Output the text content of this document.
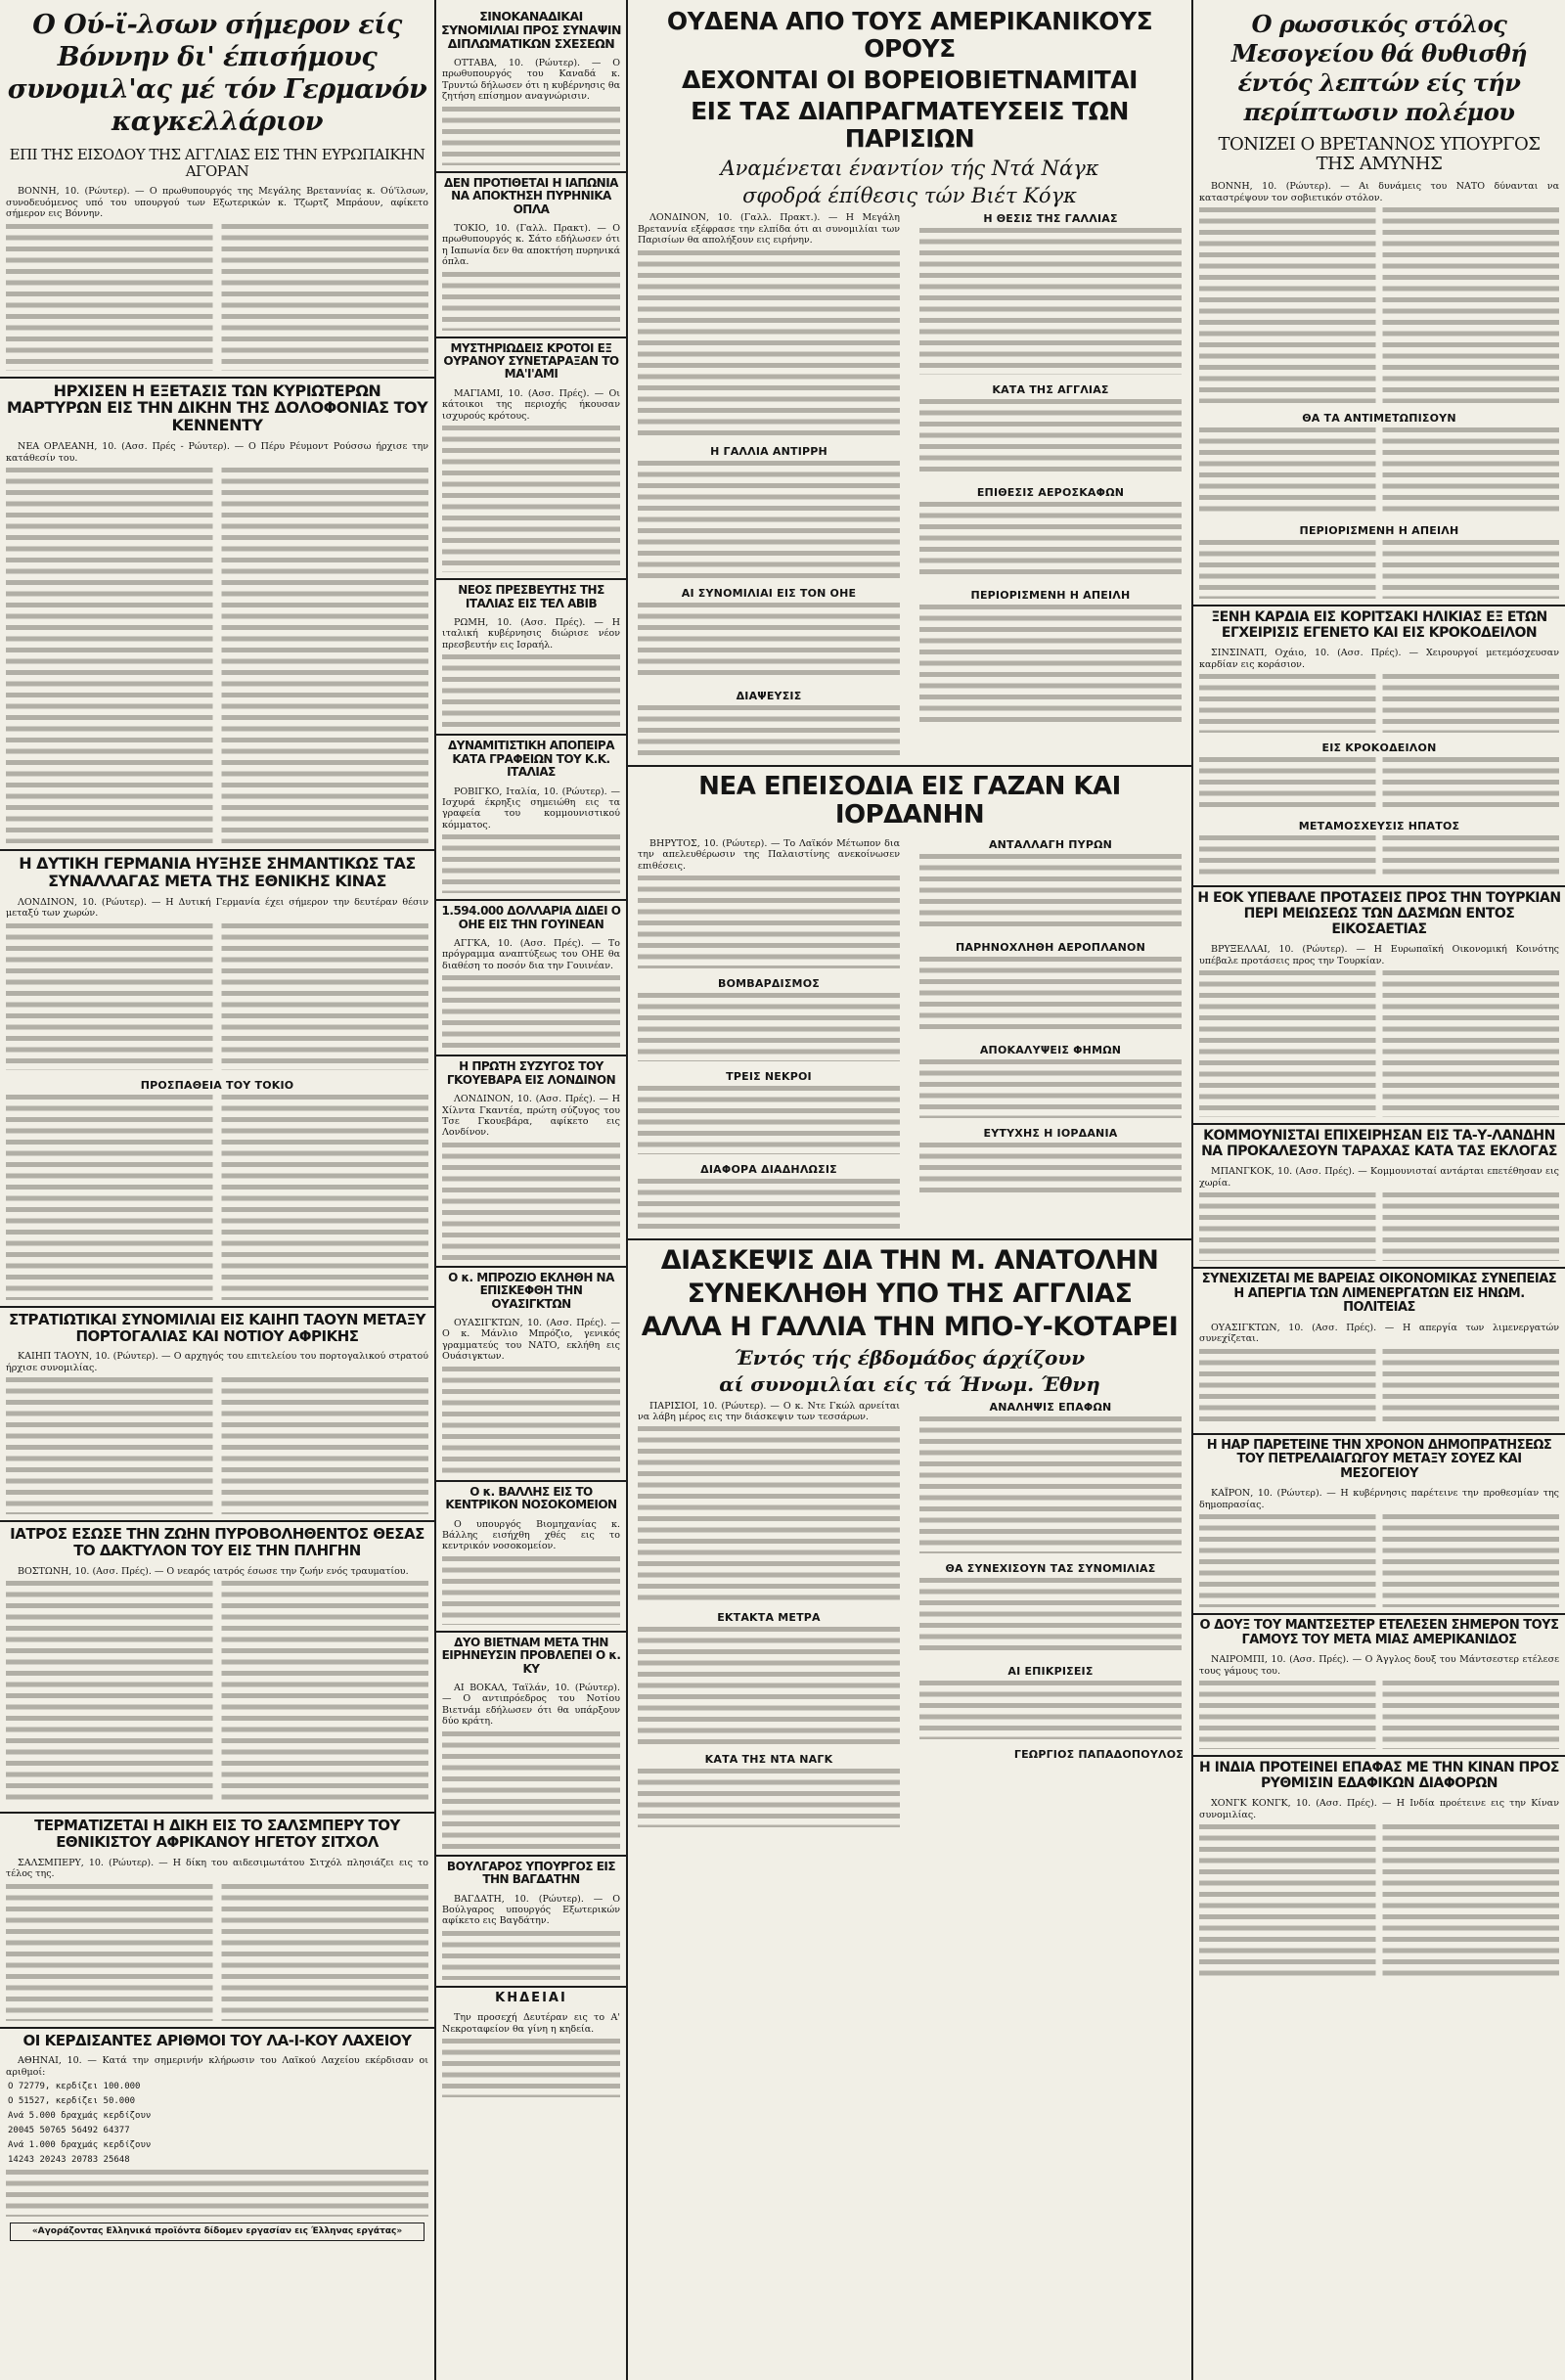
Ο Ού-ϊ-λσων σήμερον είς Βόννην δι' έπισήμους συνομιλ'ας μέ τόν Γερμανόν καγκελλάριον
ΕΠΙ ΤΗΣ ΕΙΣΟΔΟΥ ΤΗΣ ΑΓΓΛΙΑΣ ΕΙΣ ΤΗΝ ΕΥΡΩΠΑΙΚΗΝ ΑΓΟΡΑΝ
ΒΟΝΝΗ, 10. (Ρώυτερ). — Ο πρωθυπουργός της Μεγάλης Βρεταννίας κ. Ού'ϊλσων, συνοδευόμενος υπό του υπουργού των Εξωτερικών κ. Τζωρτζ Μπράουν, αφίκετο σήμερον εις Βόννην.
ΗΡΧΙΣΕΝ Η ΕΞΕΤΑΣΙΣ ΤΩΝ ΚΥΡΙΩΤΕΡΩΝ ΜΑΡΤΥΡΩΝ ΕΙΣ ΤΗΝ ΔΙΚΗΝ ΤΗΣ ΔΟΛΟΦΟΝΙΑΣ ΤΟΥ ΚΕΝΝΕΝΤΥ
ΝΕΑ ΟΡΛΕΑΝΗ, 10. (Ασσ. Πρές - Ρώυτερ). — Ο Πέρυ Ρέυμοντ Ρούσσω ήρχισε την κατάθεσίν του.
Η ΔΥΤΙΚΗ ΓΕΡΜΑΝΙΑ ΗΥΞΗΣΕ ΣΗΜΑΝΤΙΚΩΣ ΤΑΣ ΣΥΝΑΛΛΑΓΑΣ ΜΕΤΑ ΤΗΣ ΕΘΝΙΚΗΣ ΚΙΝΑΣ
ΛΟΝΔΙΝΟΝ, 10. (Ρώυτερ). — Η Δυτική Γερμανία έχει σήμερον την δευτέραν θέσιν μεταξύ των χωρών.
ΠΡΟΣΠΑΘΕΙΑ ΤΟΥ ΤΟΚΙΟ
ΣΤΡΑΤΙΩΤΙΚΑΙ ΣΥΝΟΜΙΛΙΑΙ ΕΙΣ ΚΑΙΗΠ ΤΑΟΥΝ ΜΕΤΑΞΥ ΠΟΡΤΟΓΑΛΙΑΣ ΚΑΙ ΝΟΤΙΟΥ ΑΦΡΙΚΗΣ
ΚΑΙΗΠ ΤΑΟΥΝ, 10. (Ρώυτερ). — Ο αρχηγός του επιτελείου του πορτογαλικού στρατού ήρχισε συνομιλίας.
ΙΑΤΡΟΣ ΕΣΩΣΕ ΤΗΝ ΖΩΗΝ ΠΥΡΟΒΟΛΗΘΕΝΤΟΣ ΘΕΣΑΣ ΤΟ ΔΑΚΤΥΛΟΝ ΤΟΥ ΕΙΣ ΤΗΝ ΠΛΗΓΗΝ
ΒΟΣΤΩΝΗ, 10. (Ασσ. Πρές). — Ο νεαρός ιατρός έσωσε την ζωήν ενός τραυματίου.
ΤΕΡΜΑΤΙΖΕΤΑΙ Η ΔΙΚΗ ΕΙΣ ΤΟ ΣΑΛΣΜΠΕΡΥ ΤΟΥ ΕΘΝΙΚΙΣΤΟΥ ΑΦΡΙΚΑΝΟΥ ΗΓΕΤΟΥ ΣΙΤΧΟΛ
ΣΑΛΣΜΠΕΡΥ, 10. (Ρώυτερ). — Η δίκη του αιδεσιμωτάτου Σιτχόλ πλησιάζει εις το τέλος της.
ΟΙ ΚΕΡΔΙΣΑΝΤΕΣ ΑΡΙΘΜΟΙ ΤΟΥ ΛΑ-Ι-ΚΟΥ ΛΑΧΕΙΟΥ
ΑΘΗΝΑΙ, 10. — Κατά την σημερινήν κλήρωσιν του Λαϊκού Λαχείου εκέρδισαν οι αριθμοί:
Ο 72779, κερδίζει 100.000
Ο 51527, κερδίζει 50.000
Ανά 5.000 δραχμάς κερδίζουν
20045 50765 56492 64377
Ανά 1.000 δραχμάς κερδίζουν
14243 20243 20783 25648
«Αγοράζοντας Ελληνικά προϊόντα δίδομεν εργασίαν εις Έλληνας εργάτας»
ΣΙΝΟΚΑΝΑΔΙΚΑΙ ΣΥΝΟΜΙΛΙΑΙ ΠΡΟΣ ΣΥΝΑΨΙΝ ΔΙΠΛΩΜΑΤΙΚΩΝ ΣΧΕΣΕΩΝ
ΟΤΤΑΒΑ, 10. (Ρώυτερ). — Ο πρωθυπουργός του Καναδά κ. Τρυντώ δήλωσεν ότι η κυβέρνησις θα ζητήση επίσημον αναγνώρισιν.
ΔΕΝ ΠΡΟΤΙΘΕΤΑΙ Η ΙΑΠΩΝΙΑ ΝΑ ΑΠΟΚΤΗΣΗ ΠΥΡΗΝΙΚΑ ΟΠΛΑ
ΤΟΚΙΟ, 10. (Γαλλ. Πρακτ). — Ο πρωθυπουργός κ. Σάτο εδήλωσεν ότι η Ιαπωνία δεν θα αποκτήση πυρηνικά όπλα.
ΜΥΣΤΗΡΙΩΔΕΙΣ ΚΡΟΤΟΙ ΕΞ ΟΥΡΑΝΟΥ ΣΥΝΕΤΑΡΑΞΑΝ ΤΟ ΜΑ'Ι'ΑΜΙ
ΜΑΓΙΑΜΙ, 10. (Ασσ. Πρές). — Οι κάτοικοι της περιοχής ήκουσαν ισχυρούς κρότους.
ΝΕΟΣ ΠΡΕΣΒΕΥΤΗΣ ΤΗΣ ΙΤΑΛΙΑΣ ΕΙΣ ΤΕΛ ΑΒΙΒ
ΡΩΜΗ, 10. (Ασσ. Πρές). — Η ιταλική κυβέρνησις διώρισε νέον πρεσβευτήν εις Ισραήλ.
ΔΥΝΑΜΙΤΙΣΤΙΚΗ ΑΠΟΠΕΙΡΑ ΚΑΤΑ ΓΡΑΦΕΙΩΝ ΤΟΥ Κ.Κ. ΙΤΑΛΙΑΣ
ΡΟΒΙΓΚΟ, Ιταλία, 10. (Ρώυτερ). — Ισχυρά έκρηξις σημειώθη εις τα γραφεία του κομμουνιστικού κόμματος.
1.594.000 ΔΟΛΛΑΡΙΑ ΔΙΔΕΙ Ο ΟΗΕ ΕΙΣ ΤΗΝ ΓΟΥΙΝΕΑΝ
ΑΓΓΚΑ, 10. (Ασσ. Πρές). — Το πρόγραμμα αναπτύξεως του ΟΗΕ θα διαθέση το ποσόν δια την Γουινέαν.
Η ΠΡΩΤΗ ΣΥΖΥΓΟΣ ΤΟΥ ΓΚΟΥΕΒΑΡΑ ΕΙΣ ΛΟΝΔΙΝΟΝ
ΛΟΝΔΙΝΟΝ, 10. (Ασσ. Πρές). — Η Χίλντα Γκαντέα, πρώτη σύζυγος του Τσε Γκουεβάρα, αφίκετο εις Λονδίνον.
Ο κ. ΜΠΡΟΖΙΟ ΕΚΛΗΘΗ ΝΑ ΕΠΙΣΚΕΦΘΗ ΤΗΝ ΟΥΑΣΙΓΚΤΩΝ
ΟΥΑΣΙΓΚΤΩΝ, 10. (Ασσ. Πρές). — Ο κ. Μάνλιο Μπρόζιο, γενικός γραμματεύς του ΝΑΤΟ, εκλήθη εις Ουάσιγκτων.
Ο κ. ΒΑΛΛΗΣ ΕΙΣ ΤΟ ΚΕΝΤΡΙΚΟΝ ΝΟΣΟΚΟΜΕΙΟΝ
Ο υπουργός Βιομηχανίας κ. Βάλλης εισήχθη χθές εις το κεντρικόν νοσοκομείον.
ΔΥΟ ΒΙΕΤΝΑΜ ΜΕΤΑ ΤΗΝ ΕΙΡΗΝΕΥΣΙΝ ΠΡΟΒΛΕΠΕΙ Ο κ. ΚΥ
ΑΙ ΒΟΚΑΛ, Ταϊλάν, 10. (Ρώυτερ). — Ο αντιπρόεδρος του Νοτίου Βιετνάμ εδήλωσεν ότι θα υπάρξουν δύο κράτη.
ΒΟΥΛΓΑΡΟΣ ΥΠΟΥΡΓΟΣ ΕΙΣ ΤΗΝ ΒΑΓΔΑΤΗΝ
ΒΑΓΔΑΤΗ, 10. (Ρώυτερ). — Ο Βούλγαρος υπουργός Εξωτερικών αφίκετο εις Βαγδάτην.
ΚΗΔΕΙΑΙ
Την προσεχή Δευτέραν εις το Α' Νεκροταφείον θα γίνη η κηδεία.
ΟΥΔΕΝΑ ΑΠΟ ΤΟΥΣ ΑΜΕΡΙΚΑΝΙΚΟΥΣ ΟΡΟΥΣ
ΔΕΧΟΝΤΑΙ ΟΙ ΒΟΡΕΙΟΒΙΕΤΝΑΜΙΤΑΙ
ΕΙΣ ΤΑΣ ΔΙΑΠΡΑΓΜΑΤΕΥΣΕΙΣ ΤΩΝ ΠΑΡΙΣΙΩΝ
Αναμένεται έναντίον τής Ντά Νάγκ
σφοδρά έπίθεσις τών Βιέτ Κόγκ
ΛΟΝΔΙΝΟΝ, 10. (Γαλλ. Πρακτ.). — Η Μεγάλη Βρεταννία εξέφρασε την ελπίδα ότι αι συνομιλίαι των Παρισίων θα απολήξουν εις ειρήνην.
Η ΓΑΛΛΙΑ ΑΝΤΙΡΡΗ
ΑΙ ΣΥΝΟΜΙΛΙΑΙ ΕΙΣ ΤΟΝ ΟΗΕ
ΔΙΑΨΕΥΣΙΣ
Η ΘΕΣΙΣ ΤΗΣ ΓΑΛΛΙΑΣ
ΚΑΤΑ ΤΗΣ ΑΓΓΛΙΑΣ
ΕΠΙΘΕΣΙΣ ΑΕΡΟΣΚΑΦΩΝ
ΠΕΡΙΟΡΙΣΜΕΝΗ Η ΑΠΕΙΛΗ
ΝΕΑ ΕΠΕΙΣΟΔΙΑ ΕΙΣ ΓΑΖΑΝ ΚΑΙ ΙΟΡΔΑΝΗΝ
ΒΗΡΥΤΟΣ, 10. (Ρώυτερ). — Το Λαϊκόν Μέτωπον δια την απελευθέρωσιν της Παλαιστίνης ανεκοίνωσεν επιθέσεις.
ΒΟΜΒΑΡΔΙΣΜΟΣ
ΤΡΕΙΣ ΝΕΚΡΟΙ
ΔΙΑΦΟΡΑ ΔΙΑΔΗΛΩΣΙΣ
ΑΝΤΑΛΛΑΓΗ ΠΥΡΩΝ
ΠΑΡΗΝΟΧΛΗΘΗ ΑΕΡΟΠΛΑΝΟΝ
ΑΠΟΚΑΛΥΨΕΙΣ ΦΗΜΩΝ
ΕΥΤΥΧΗΣ Η ΙΟΡΔΑΝΙΑ
ΔΙΑΣΚΕΨΙΣ ΔΙΑ ΤΗΝ Μ. ΑΝΑΤΟΛΗΝ
ΣΥΝΕΚΛΗΘΗ ΥΠΟ ΤΗΣ ΑΓΓΛΙΑΣ
ΑΛΛΑ Η ΓΑΛΛΙΑ ΤΗΝ ΜΠΟ-Υ-ΚΟΤΑΡΕΙ
Έντός τής έβδομάδος άρχίζουν
αί συνομιλίαι είς τά Ήνωμ. Έθνη
ΠΑΡΙΣΙΟΙ, 10. (Ρώυτερ). — Ο κ. Ντε Γκώλ αρνείται να λάβη μέρος εις την διάσκεψιν των τεσσάρων.
ΕΚΤΑΚΤΑ ΜΕΤΡΑ
ΚΑΤΑ ΤΗΣ ΝΤΑ ΝΑΓΚ
ΑΝΑΛΗΨΙΣ ΕΠΑΦΩΝ
ΘΑ ΣΥΝΕΧΙΣΟΥΝ ΤΑΣ ΣΥΝΟΜΙΛΙΑΣ
ΑΙ ΕΠΙΚΡΙΣΕΙΣ
ΓΕΩΡΓΙΟΣ ΠΑΠΑΔΟΠΟΥΛΟΣ
Ο ρωσσικός στόλος Μεσογείου θά θυθισθή έντός λεπτών είς τήν περίπτωσιν πολέμου
ΤΟΝΙΖΕΙ Ο ΒΡΕΤΑΝΝΟΣ ΥΠΟΥΡΓΟΣ ΤΗΣ ΑΜΥΝΗΣ
ΒΟΝΝΗ, 10. (Ρώυτερ). — Αι δυνάμεις του ΝΑΤΟ δύνανται να καταστρέψουν τον σοβιετικόν στόλον.
ΘΑ ΤΑ ΑΝΤΙΜΕΤΩΠΙΣΟΥΝ
ΠΕΡΙΟΡΙΣΜΕΝΗ Η ΑΠΕΙΛΗ
ΞΕΝΗ ΚΑΡΔΙΑ ΕΙΣ ΚΟΡΙΤΣΑΚΙ ΗΛΙΚΙΑΣ ΕΞ ΕΤΩΝ ΕΓΧΕΙΡΙΣΙΣ ΕΓΕΝΕΤΟ ΚΑΙ ΕΙΣ ΚΡΟΚΟΔΕΙΛΟΝ
ΣΙΝΣΙΝΑΤΙ, Οχάιο, 10. (Ασσ. Πρές). — Χειρουργοί μετεμόσχευσαν καρδίαν εις κοράσιον.
ΕΙΣ ΚΡΟΚΟΔΕΙΛΟΝ
ΜΕΤΑΜΟΣΧΕΥΣΙΣ ΗΠΑΤΟΣ
Η ΕΟΚ ΥΠΕΒΑΛΕ ΠΡΟΤΑΣΕΙΣ ΠΡΟΣ ΤΗΝ ΤΟΥΡΚΙΑΝ ΠΕΡΙ ΜΕΙΩΣΕΩΣ ΤΩΝ ΔΑΣΜΩΝ ΕΝΤΟΣ ΕΙΚΟΣΑΕΤΙΑΣ
ΒΡΥΞΕΛΛΑΙ, 10. (Ρώυτερ). — Η Ευρωπαϊκή Οικονομική Κοινότης υπέβαλε προτάσεις προς την Τουρκίαν.
ΚΟΜΜΟΥΝΙΣΤΑΙ ΕΠΙΧΕΙΡΗΣΑΝ ΕΙΣ ΤΑ-Υ-ΛΑΝΔΗΝ ΝΑ ΠΡΟΚΑΛΕΣΟΥΝ ΤΑΡΑΧΑΣ ΚΑΤΑ ΤΑΣ ΕΚΛΟΓΑΣ
ΜΠΑΝΓΚΟΚ, 10. (Ασσ. Πρές). — Κομμουνισταί αντάρται επετέθησαν εις χωρία.
ΣΥΝΕΧΙΖΕΤΑΙ ΜΕ ΒΑΡΕΙΑΣ ΟΙΚΟΝΟΜΙΚΑΣ ΣΥΝΕΠΕΙΑΣ Η ΑΠΕΡΓΙΑ ΤΩΝ ΛΙΜΕΝΕΡΓΑΤΩΝ ΕΙΣ ΗΝΩΜ. ΠΟΛΙΤΕΙΑΣ
ΟΥΑΣΙΓΚΤΩΝ, 10. (Ασσ. Πρές). — Η απεργία των λιμενεργατών συνεχίζεται.
Η ΗΑΡ ΠΑΡΕΤΕΙΝΕ ΤΗΝ ΧΡΟΝΟΝ ΔΗΜΟΠΡΑΤΗΣΕΩΣ ΤΟΥ ΠΕΤΡΕΛΑΙΑΓΩΓΟΥ ΜΕΤΑΞΥ ΣΟΥΕΖ ΚΑΙ ΜΕΣΟΓΕΙΟΥ
ΚΑΪΡΟΝ, 10. (Ρώυτερ). — Η κυβέρνησις παρέτεινε την προθεσμίαν της δημοπρασίας.
Ο ΔΟΥΞ ΤΟΥ ΜΑΝΤΣΕΣΤΕΡ ΕΤΕΛΕΣΕΝ ΣΗΜΕΡΟΝ ΤΟΥΣ ΓΑΜΟΥΣ ΤΟΥ ΜΕΤΑ ΜΙΑΣ ΑΜΕΡΙΚΑΝΙΔΟΣ
ΝΑΙΡΟΜΠΙ, 10. (Ασσ. Πρές). — Ο Άγγλος δουξ του Μάντσεστερ ετέλεσε τους γάμους του.
Η ΙΝΔΙΑ ΠΡΟΤΕΙΝΕΙ ΕΠΑΦΑΣ ΜΕ ΤΗΝ ΚΙΝΑΝ ΠΡΟΣ ΡΥΘΜΙΣΙΝ ΕΔΑΦΙΚΩΝ ΔΙΑΦΟΡΩΝ
ΧΟΝΓΚ ΚΟΝΓΚ, 10. (Ασσ. Πρές). — Η Ινδία προέτεινε εις την Κίναν συνομιλίας.
